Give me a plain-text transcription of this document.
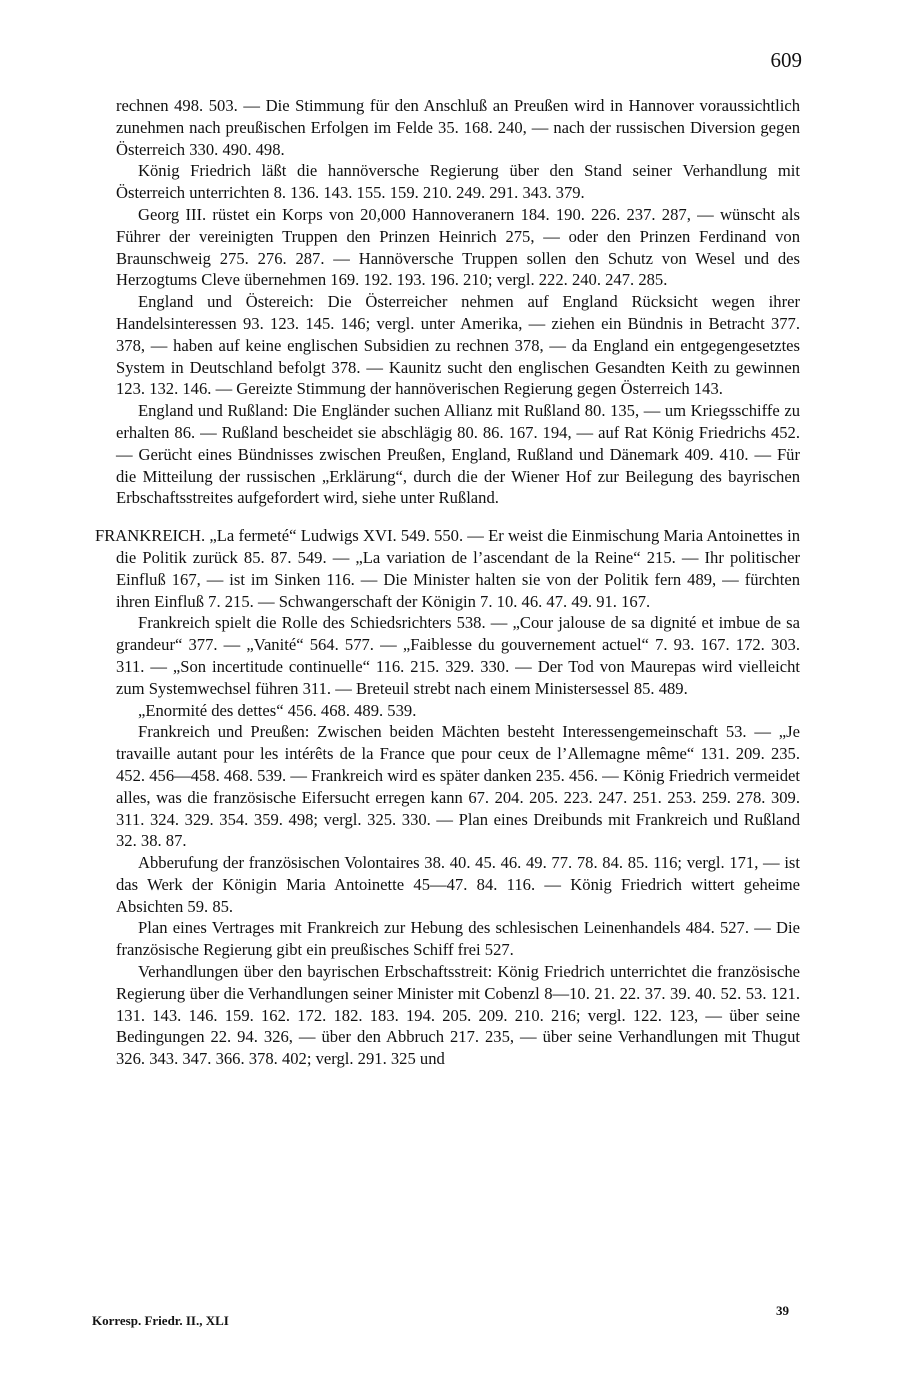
609

rechnen 498. 503. — Die Stimmung für den Anschluß an Preußen wird in Hannover voraussichtlich zunehmen nach preußischen Erfolgen im Felde 35. 168. 240, — nach der russischen Diversion gegen Österreich 330. 490. 498.

König Friedrich läßt die hannöversche Regierung über den Stand seiner Verhandlung mit Österreich unterrichten 8. 136. 143. 155. 159. 210. 249. 291. 343. 379.

Georg III. rüstet ein Korps von 20,000 Hannoveranern 184. 190. 226. 237. 287, — wünscht als Führer der vereinigten Truppen den Prinzen Heinrich 275, — oder den Prinzen Ferdinand von Braunschweig 275. 276. 287. — Hannöversche Truppen sollen den Schutz von Wesel und des Herzogtums Cleve übernehmen 169. 192. 193. 196. 210; vergl. 222. 240. 247. 285.

England und Östereich: Die Österreicher nehmen auf England Rücksicht wegen ihrer Handelsinteressen 93. 123. 145. 146; vergl. unter Amerika, — ziehen ein Bündnis in Betracht 377. 378, — haben auf keine englischen Subsidien zu rechnen 378, — da England ein entgegengesetztes System in Deutschland befolgt 378. — Kaunitz sucht den englischen Gesandten Keith zu gewinnen 123. 132. 146. — Gereizte Stimmung der hannöverischen Regierung gegen Österreich 143.

England und Rußland: Die Engländer suchen Allianz mit Rußland 80. 135, — um Kriegsschiffe zu erhalten 86. — Rußland bescheidet sie abschlägig 80. 86. 167. 194, — auf Rat König Friedrichs 452. — Gerücht eines Bündnisses zwischen Preußen, England, Rußland und Dänemark 409. 410. — Für die Mitteilung der russischen „Erklärung“, durch die der Wiener Hof zur Beilegung des bayrischen Erbschaftsstreites aufgefordert wird, siehe unter Rußland.

FRANKREICH. „La fermeté“ Ludwigs XVI. 549. 550. — Er weist die Einmischung Maria Antoinettes in die Politik zurück 85. 87. 549. — „La variation de l’ascendant de la Reine“ 215. — Ihr politischer Einfluß 167, — ist im Sinken 116. — Die Minister halten sie von der Politik fern 489, — fürchten ihren Einfluß 7. 215. — Schwangerschaft der Königin 7. 10. 46. 47. 49. 91. 167.

Frankreich spielt die Rolle des Schiedsrichters 538. — „Cour jalouse de sa dignité et imbue de sa grandeur“ 377. — „Vanité“ 564. 577. — „Faiblesse du gouvernement actuel“ 7. 93. 167. 172. 303. 311. — „Son incertitude continuelle“ 116. 215. 329. 330. — Der Tod von Maurepas wird vielleicht zum Systemwechsel führen 311. — Breteuil strebt nach einem Ministersessel 85. 489.

„Enormité des dettes“ 456. 468. 489. 539.

Frankreich und Preußen: Zwischen beiden Mächten besteht Interessengemeinschaft 53. — „Je travaille autant pour les intérêts de la France que pour ceux de l’Allemagne même“ 131. 209. 235. 452. 456—458. 468. 539. — Frankreich wird es später danken 235. 456. — König Friedrich vermeidet alles, was die französische Eifersucht erregen kann 67. 204. 205. 223. 247. 251. 253. 259. 278. 309. 311. 324. 329. 354. 359. 498; vergl. 325. 330. — Plan eines Dreibunds mit Frankreich und Rußland 32. 38. 87.

Abberufung der französischen Volontaires 38. 40. 45. 46. 49. 77. 78. 84. 85. 116; vergl. 171, — ist das Werk der Königin Maria Antoinette 45—47. 84. 116. — König Friedrich wittert geheime Absichten 59. 85.

Plan eines Vertrages mit Frankreich zur Hebung des schlesischen Leinenhandels 484. 527. — Die französische Regierung gibt ein preußisches Schiff frei 527.

Verhandlungen über den bayrischen Erbschaftsstreit: König Friedrich unterrichtet die französische Regierung über die Verhandlungen seiner Minister mit Cobenzl 8—10. 21. 22. 37. 39. 40. 52. 53. 121. 131. 143. 146. 159. 162. 172. 182. 183. 194. 205. 209. 210. 216; vergl. 122. 123, — über seine Bedingungen 22. 94. 326, — über den Abbruch 217. 235, — über seine Verhandlungen mit Thugut 326. 343. 347. 366. 378. 402; vergl. 291. 325 und

Korresp. Friedr. II., XLI
39
